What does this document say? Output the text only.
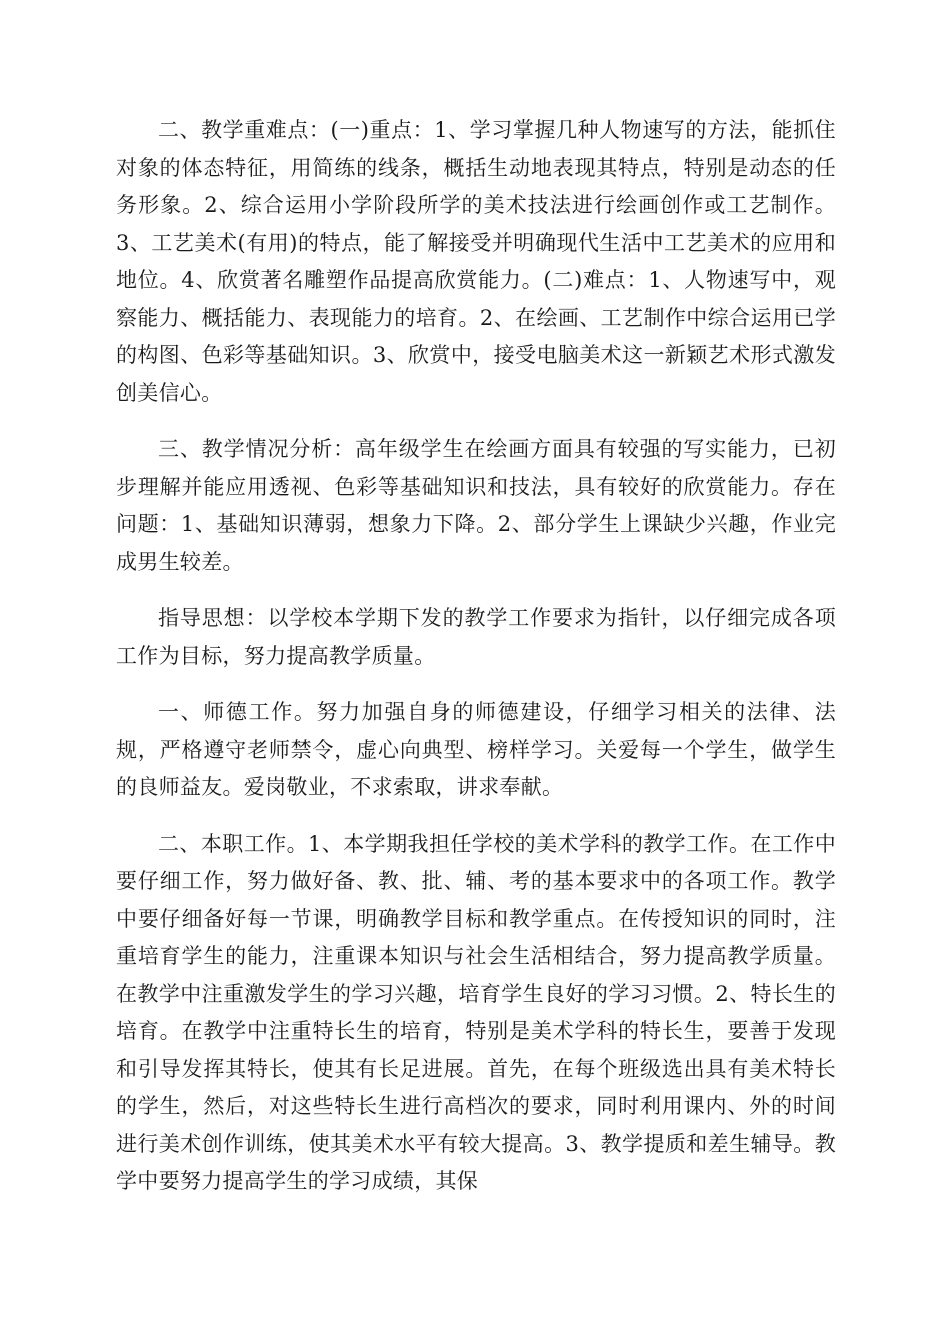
二、教学重难点：(一)重点：1、学习掌握几种人物速写的方法，能抓住对象的体态特征，用简练的线条，概括生动地表现其特点，特别是动态的任务形象。2、综合运用小学阶段所学的美术技法进行绘画创作或工艺制作。3、工艺美术(有用)的特点，能了解接受并明确现代生活中工艺美术的应用和地位。4、欣赏著名雕塑作品提高欣赏能力。(二)难点：1、人物速写中，观察能力、概括能力、表现能力的培育。2、在绘画、工艺制作中综合运用已学的构图、色彩等基础知识。3、欣赏中，接受电脑美术这一新颖艺术形式激发创美信心。

三、教学情况分析：高年级学生在绘画方面具有较强的写实能力，已初步理解并能应用透视、色彩等基础知识和技法，具有较好的欣赏能力。存在问题：1、基础知识薄弱，想象力下降。2、部分学生上课缺少兴趣，作业完成男生较差。

指导思想：以学校本学期下发的教学工作要求为指针，以仔细完成各项工作为目标，努力提高教学质量。

一、师德工作。努力加强自身的师德建设，仔细学习相关的法律、法规，严格遵守老师禁令，虚心向典型、榜样学习。关爱每一个学生，做学生的良师益友。爱岗敬业，不求索取，讲求奉献。

二、本职工作。1、本学期我担任学校的美术学科的教学工作。在工作中要仔细工作，努力做好备、教、批、辅、考的基本要求中的各项工作。教学中要仔细备好每一节课，明确教学目标和教学重点。在传授知识的同时，注重培育学生的能力，注重课本知识与社会生活相结合，努力提高教学质量。在教学中注重激发学生的学习兴趣，培育学生良好的学习习惯。2、特长生的培育。在教学中注重特长生的培育，特别是美术学科的特长生，要善于发现和引导发挥其特长，使其有长足进展。首先，在每个班级选出具有美术特长的学生，然后，对这些特长生进行高档次的要求，同时利用课内、外的时间进行美术创作训练，使其美术水平有较大提高。3、教学提质和差生辅导。教学中要努力提高学生的学习成绩，其保
